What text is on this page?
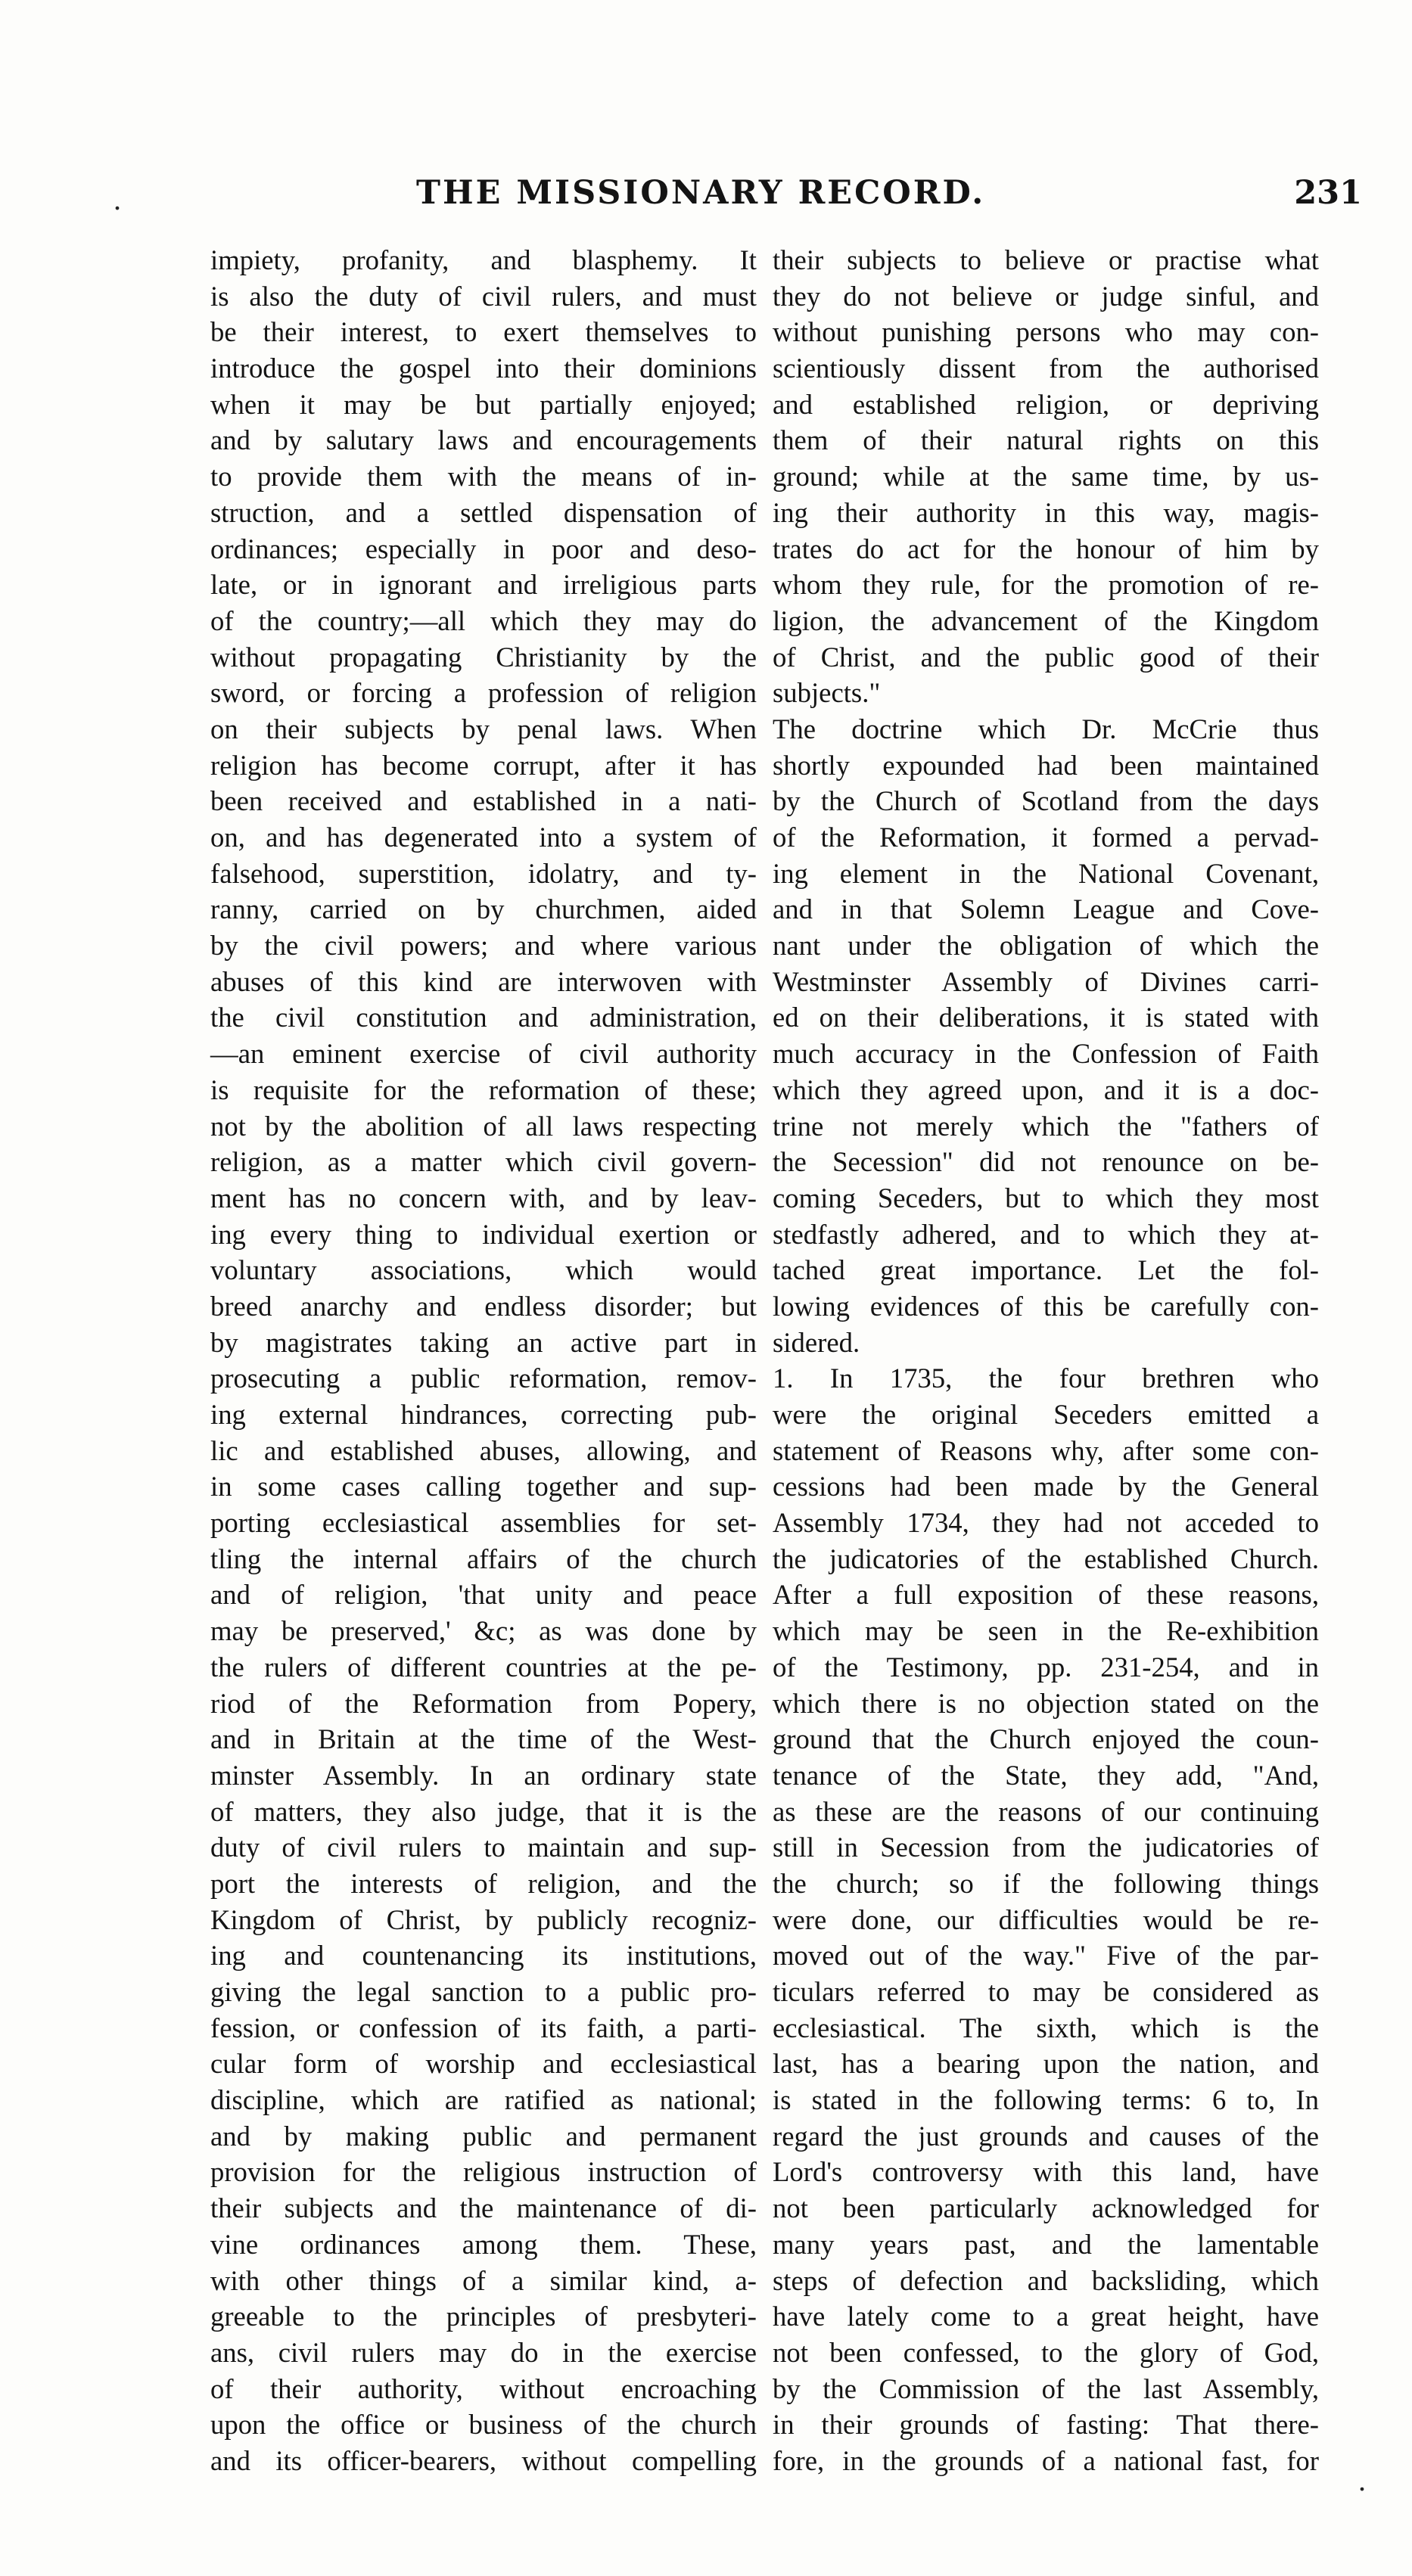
.	THE MISSIONARY RECORD.	231
impiety, profanity, and blasphemy. It
is also the duty of civil rulers, and must
be their interest, to exert themselves to
introduce the gospel into their dominions
when it may be but partially enjoyed;
and by salutary laws and encouragements
to provide them with the means of in-
struction, and a settled dispensation of
ordinances; especially in poor and deso-
late, or in ignorant and irreligious parts
of the country;—all which they may do
without propagating Christianity by the
sword, or forcing a profession of religion
on their subjects by penal laws. When
religion has become corrupt, after it has
been received and established in a nati-
on, and has degenerated into a system of
falsehood, superstition, idolatry, and ty-
ranny, carried on by churchmen, aided
by the civil powers; and where various
abuses of this kind are interwoven with
the civil constitution and administration,
—an eminent exercise of civil authority
is requisite for the reformation of these;
not by the abolition of all laws respecting
religion, as a matter which civil govern-
ment has no concern with, and by leav-
ing every thing to individual exertion or
voluntary associations, which would
breed anarchy and endless disorder; but
by magistrates taking an active part in
prosecuting a public reformation, remov-
ing external hindrances, correcting pub-
lic and established abuses, allowing, and
in some cases calling together and sup-
porting ecclesiastical assemblies for set-
tling the internal affairs of the church
and of religion, 'that unity and peace
may be preserved,' &c; as was done by
the rulers of different countries at the pe-
riod of the Reformation from Popery,
and in Britain at the time of the West-
minster Assembly. In an ordinary state
of matters, they also judge, that it is the
duty of civil rulers to maintain and sup-
port the interests of religion, and the
Kingdom of Christ, by publicly recogniz-
ing and countenancing its institutions,
giving the legal sanction to a public pro-
fession, or confession of its faith, a parti-
cular form of worship and ecclesiastical
discipline, which are ratified as national;
and by making public and permanent
provision for the religious instruction of
their subjects and the maintenance of di-
vine ordinances among them. These,
with other things of a similar kind, a-
greeable to the principles of presbyteri-
ans, civil rulers may do in the exercise
of their authority, without encroaching
upon the office or business of the church
and its officer-bearers, without compelling
their subjects to believe or practise what
they do not believe or judge sinful, and
without punishing persons who may con-
scientiously dissent from the authorised
and established religion, or depriving
them of their natural rights on this
ground; while at the same time, by us-
ing their authority in this way, magis-
trates do act for the honour of him by
whom they rule, for the promotion of re-
ligion, the advancement of the Kingdom
of Christ, and the public good of their
subjects."
The doctrine which Dr. McCrie thus
shortly expounded had been maintained
by the Church of Scotland from the days
of the Reformation, it formed a pervad-
ing element in the National Covenant,
and in that Solemn League and Cove-
nant under the obligation of which the
Westminster Assembly of Divines carri-
ed on their deliberations, it is stated with
much accuracy in the Confession of Faith
which they agreed upon, and it is a doc-
trine not merely which the "fathers of
the Secession" did not renounce on be-
coming Seceders, but to which they most
stedfastly adhered, and to which they at-
tached great importance. Let the fol-
lowing evidences of this be carefully con-
sidered.
1. In 1735, the four brethren who
were the original Seceders emitted a
statement of Reasons why, after some con-
cessions had been made by the General
Assembly 1734, they had not acceded to
the judicatories of the established Church.
After a full exposition of these reasons,
which may be seen in the Re-exhibition
of the Testimony, pp. 231-254, and in
which there is no objection stated on the
ground that the Church enjoyed the coun-
tenance of the State, they add, "And,
as these are the reasons of our continuing
still in Secession from the judicatories of
the church; so if the following things
were done, our difficulties would be re-
moved out of the way." Five of the par-
ticulars referred to may be considered as
ecclesiastical. The sixth, which is the
last, has a bearing upon the nation, and
is stated in the following terms: 6 to, In
regard the just grounds and causes of the
Lord's controversy with this land, have
not been particularly acknowledged for
many years past, and the lamentable
steps of defection and backsliding, which
have lately come to a great height, have
not been confessed, to the glory of God,
by the Commission of the last Assembly,
in their grounds of fasting: That there-
fore, in the grounds of a national fast, for
.
